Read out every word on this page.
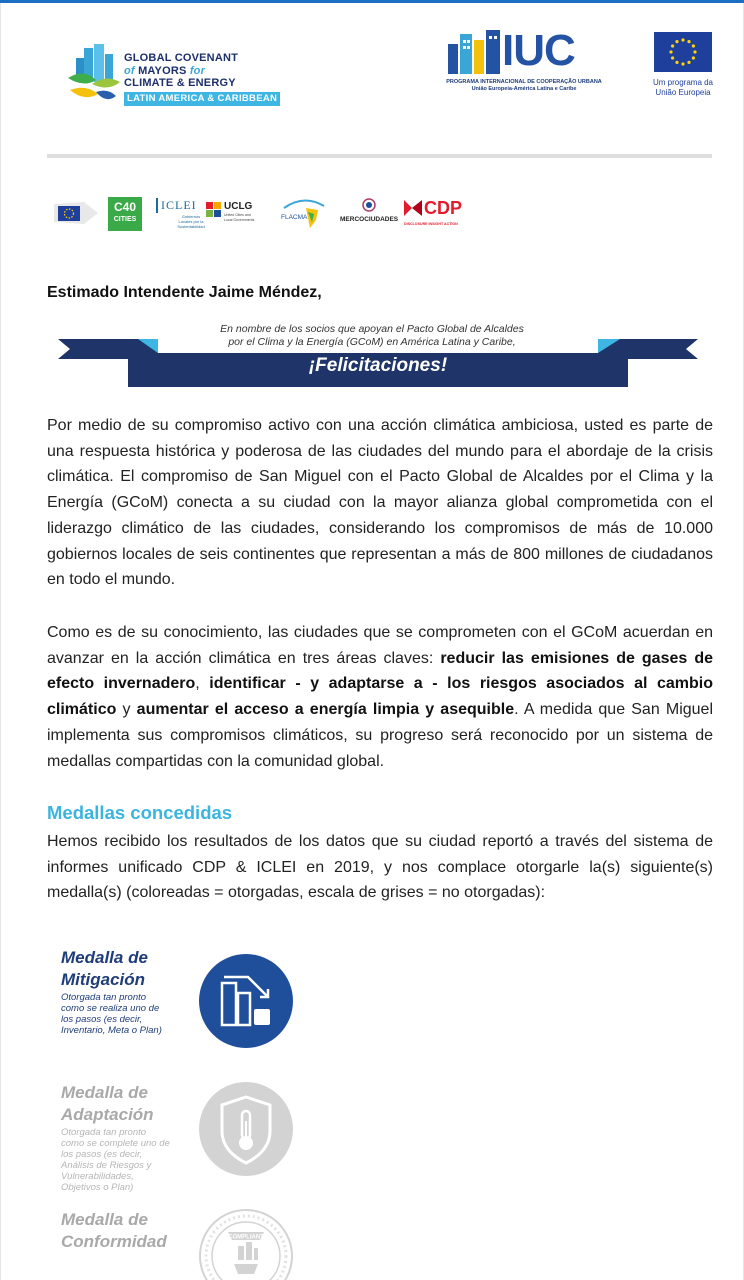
GLOBAL COVENANT
of MAYORS for
CLIMATE & ENERGY
LATIN AMERICA & CARIBBEAN
IUC
PROGRAMA INTERNACIONAL DE COOPERAÇÃO URBANA
União Europeia-América Latina e Caribe
Um programa da
União Europeia
C40
CITIES
ICLEI
Gobiernos Locales por la Sustentabilidad
UCLG
United Cities and Local Governments	FLACMA	MERCOCIUDADES
CDP
DISCLOSURE INSIGHT ACTION
Estimado Intendente Jaime Méndez,
En nombre de los socios que apoyan el Pacto Global de Alcaldes
por el Clima y la Energía (GCoM) en América Latina y Caribe,
¡Felicitaciones!

Por medio de su compromiso activo con una acción climática ambiciosa, usted es parte de una respuesta histórica y poderosa de las ciudades del mundo para el abordaje de la crisis climática. El compromiso de San Miguel con el Pacto Global de Alcaldes por el Clima y la Energía (GCoM) conecta a su ciudad con la mayor alianza global comprometida con el liderazgo climático de las ciudades, considerando los compromisos de más de 10.000 gobiernos locales de seis continentes que representan a más de 800 millones de ciudadanos en todo el mundo.

Como es de su conocimiento, las ciudades que se comprometen con el GCoM acuerdan en avanzar en la acción climática en tres áreas claves: reducir las emisiones de gases de efecto invernadero, identificar - y adaptarse a - los riesgos asociados al cambio climático y aumentar el acceso a energía limpia y asequible. A medida que San Miguel implementa sus compromisos climáticos, su progreso será reconocido por un sistema de medallas compartidas con la comunidad global.

Medallas concedidas

Hemos recibido los resultados de los datos que su ciudad reportó a través del sistema de informes unificado CDP & ICLEI en 2019, y nos complace otorgarle la(s) siguiente(s) medalla(s) (coloreadas = otorgadas, escala de grises = no otorgadas):

Medalla de
Mitigación
Otorgada tan pronto como se realiza uno de los pasos (es decir, Inventario, Meta o Plan)
Medalla de
Adaptación
Otorgada tan pronto como se complete uno de los pasos (es decir, Análisis de Riesgos y Vulnerabilidades, Objetivos o Plan)
Medalla de
Conformidad	COMPLIANT
